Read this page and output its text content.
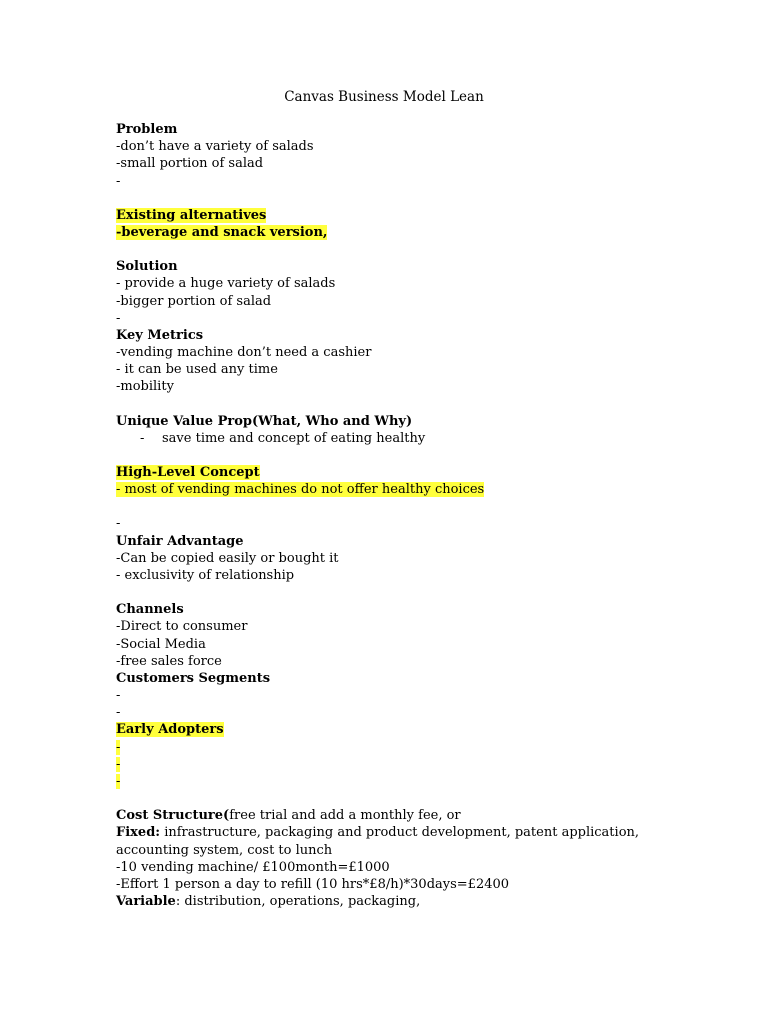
Canvas Business Model Lean
Problem
-don’t have a variety of salads
-small portion of salad
-
Existing alternatives
-beverage and snack version,
Solution
- provide a huge variety of salads
-bigger portion of salad
-
Key Metrics
-vending machine don’t need a cashier
- it can be used any time
-mobility
Unique Value Prop(What, Who and Why)
- save time and concept of eating healthy
High-Level Concept
- most of vending machines do not offer healthy choices
-
Unfair Advantage
-Can be copied easily or bought it
- exclusivity of relationship
Channels
-Direct to consumer
-Social Media
-free sales force
Customers Segments
-
-
Early Adopters
-
-
-
Cost Structure(free trial and add a monthly fee, or
Fixed: infrastructure, packaging and product development, patent application,
accounting system, cost to lunch
-10 vending machine/ £100month=£1000
-Effort 1 person a day to refill (10 hrs*£8/h)*30days=£2400
Variable: distribution, operations, packaging,
